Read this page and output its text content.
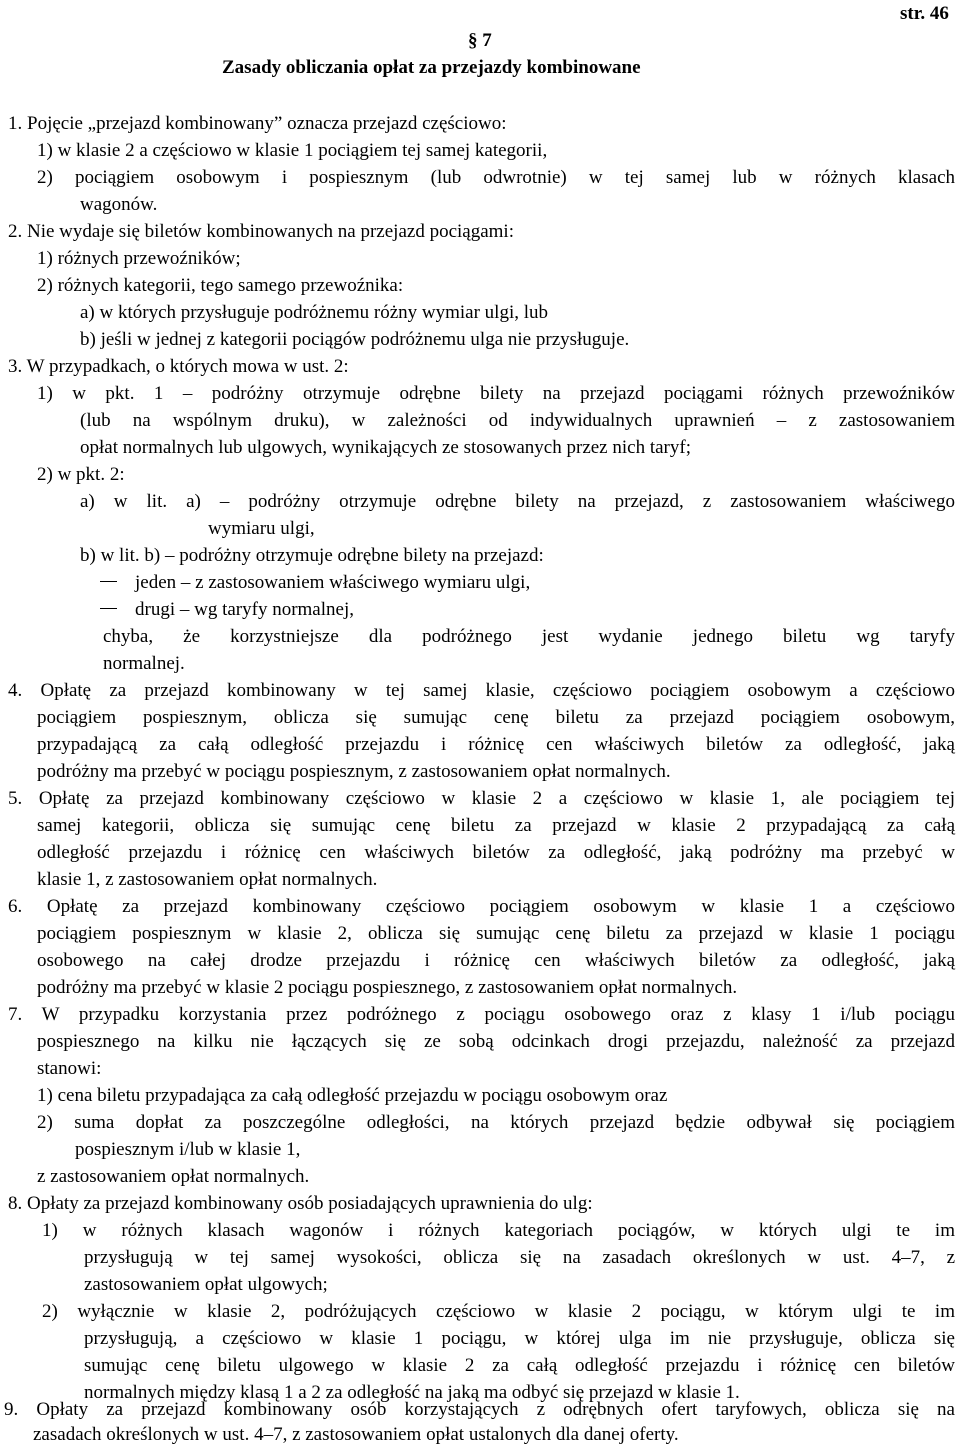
str. 46
§ 7
Zasady obliczania opłat za przejazdy kombinowane
1. Pojęcie „przejazd kombinowany” oznacza przejazd częściowo:
1) w klasie 2 a częściowo w klasie 1 pociągiem tej samej kategorii,
2) pociągiem osobowym i pospiesznym (lub odwrotnie) w tej samej lub w różnych klasach
wagonów.
2. Nie wydaje się biletów kombinowanych na przejazd pociągami:
1) różnych przewoźników;
2) różnych kategorii, tego samego przewoźnika:
a) w których przysługuje podróżnemu różny wymiar ulgi, lub
b) jeśli w jednej z kategorii pociągów podróżnemu ulga nie przysługuje.
3. W przypadkach, o których mowa w ust. 2:
1) w pkt. 1 – podróżny otrzymuje odrębne bilety na przejazd pociągami różnych przewoźników
(lub na wspólnym druku), w zależności od indywidualnych uprawnień – z zastosowaniem
opłat normalnych lub ulgowych, wynikających ze stosowanych przez nich taryf;
2) w pkt. 2:
a) w lit. a) – podróżny otrzymuje odrębne bilety na przejazd, z zastosowaniem właściwego
wymiaru ulgi,
b) w lit. b) – podróżny otrzymuje odrębne bilety na przejazd:
jeden – z zastosowaniem właściwego wymiaru ulgi,
drugi – wg taryfy normalnej,
chyba, że korzystniejsze dla podróżnego jest wydanie jednego biletu wg taryfy
normalnej.
4. Opłatę za przejazd kombinowany w tej samej klasie, częściowo pociągiem osobowym a częściowo
pociągiem pospiesznym, oblicza się sumując cenę biletu za przejazd pociągiem osobowym,
przypadającą za całą odległość przejazdu i różnicę cen właściwych biletów za odległość, jaką
podróżny ma przebyć w pociągu pospiesznym, z zastosowaniem opłat normalnych.
5. Opłatę za przejazd kombinowany częściowo w klasie 2 a częściowo w klasie 1, ale pociągiem tej
samej kategorii, oblicza się sumując cenę biletu za przejazd w klasie 2 przypadającą za całą
odległość przejazdu i różnicę cen właściwych biletów za odległość, jaką podróżny ma przebyć w
klasie 1, z zastosowaniem opłat normalnych.
6. Opłatę za przejazd kombinowany częściowo pociągiem osobowym w klasie 1 a częściowo
pociągiem pospiesznym w klasie 2, oblicza się sumując cenę biletu za przejazd w klasie 1 pociągu
osobowego na całej drodze przejazdu i różnicę cen właściwych biletów za odległość, jaką
podróżny ma przebyć w klasie 2 pociągu pospiesznego, z zastosowaniem opłat normalnych.
7. W przypadku korzystania przez podróżnego z pociągu osobowego oraz z klasy 1 i/lub pociągu
pospiesznego na kilku nie łączących się ze sobą odcinkach drogi przejazdu, należność za przejazd
stanowi:
1) cena biletu przypadająca za całą odległość przejazdu w pociągu osobowym oraz
2) suma dopłat za poszczególne odległości, na których przejazd będzie odbywał się pociągiem
pospiesznym i/lub w klasie 1,
z zastosowaniem opłat normalnych.
8. Opłaty za przejazd kombinowany osób posiadających uprawnienia do ulg:
1) w różnych klasach wagonów i różnych kategoriach pociągów, w których ulgi te im
przysługują w tej samej wysokości, oblicza się na zasadach określonych w ust. 4–7, z
zastosowaniem opłat ulgowych;
2) wyłącznie w klasie 2, podróżujących częściowo w klasie 2 pociągu, w którym ulgi te im
przysługują, a częściowo w klasie 1 pociągu, w której ulga im nie przysługuje, oblicza się
sumując cenę biletu ulgowego w klasie 2 za całą odległość przejazdu i różnicę cen biletów
normalnych między klasą 1 a 2 za odległość na jaką ma odbyć się przejazd w klasie 1.
9. Opłaty za przejazd kombinowany osób korzystających z odrębnych ofert taryfowych, oblicza się na
zasadach określonych w ust. 4–7, z zastosowaniem opłat ustalonych dla danej oferty.
